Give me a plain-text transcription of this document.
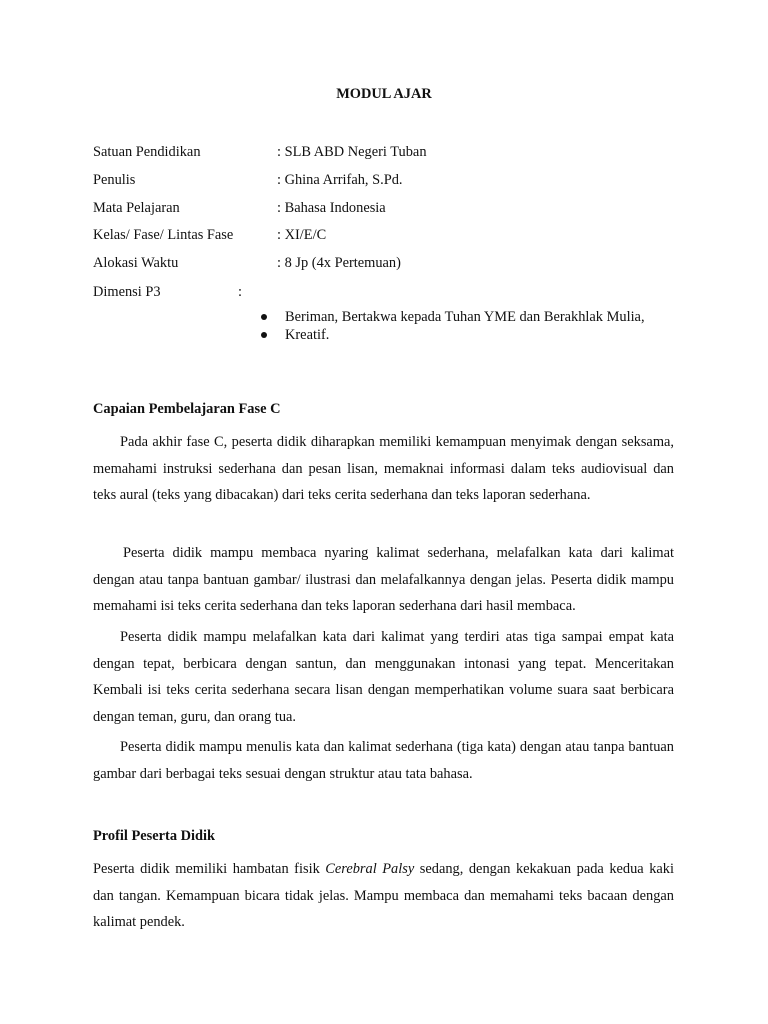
MODUL AJAR
Satuan Pendidikan	: SLB ABD Negeri Tuban
Penulis	: Ghina Arrifah, S.Pd.
Mata Pelajaran	: Bahasa Indonesia
Kelas/ Fase/ Lintas Fase	: XI/E/C
Alokasi Waktu	: 8 Jp (4x Pertemuan)
Dimensi P3	:
Beriman, Bertakwa kepada Tuhan YME dan Berakhlak Mulia,
Kreatif.
Capaian Pembelajaran Fase C

Pada akhir fase C, peserta didik diharapkan memiliki kemampuan menyimak dengan seksama, memahami instruksi sederhana dan pesan lisan, memaknai informasi dalam teks audiovisual dan teks aural (teks yang dibacakan) dari teks cerita sederhana dan teks laporan sederhana.

Peserta didik mampu membaca nyaring kalimat sederhana, melafalkan kata dari kalimat dengan atau tanpa bantuan gambar/ ilustrasi dan melafalkannya dengan jelas. Peserta didik mampu memahami isi teks cerita sederhana dan teks laporan sederhana dari hasil membaca.

Peserta didik mampu melafalkan kata dari kalimat yang terdiri atas tiga sampai empat kata dengan tepat, berbicara dengan santun, dan menggunakan intonasi yang tepat. Menceritakan Kembali isi teks cerita sederhana secara lisan dengan memperhatikan volume suara saat berbicara dengan teman, guru, dan orang tua.

Peserta didik mampu menulis kata dan kalimat sederhana (tiga kata) dengan atau tanpa bantuan gambar dari berbagai teks sesuai dengan struktur atau tata bahasa.

Profil Peserta Didik

Peserta didik memiliki hambatan fisik Cerebral Palsy sedang, dengan kekakuan pada kedua kaki dan tangan. Kemampuan bicara tidak jelas. Mampu membaca dan memahami teks bacaan dengan kalimat pendek.
